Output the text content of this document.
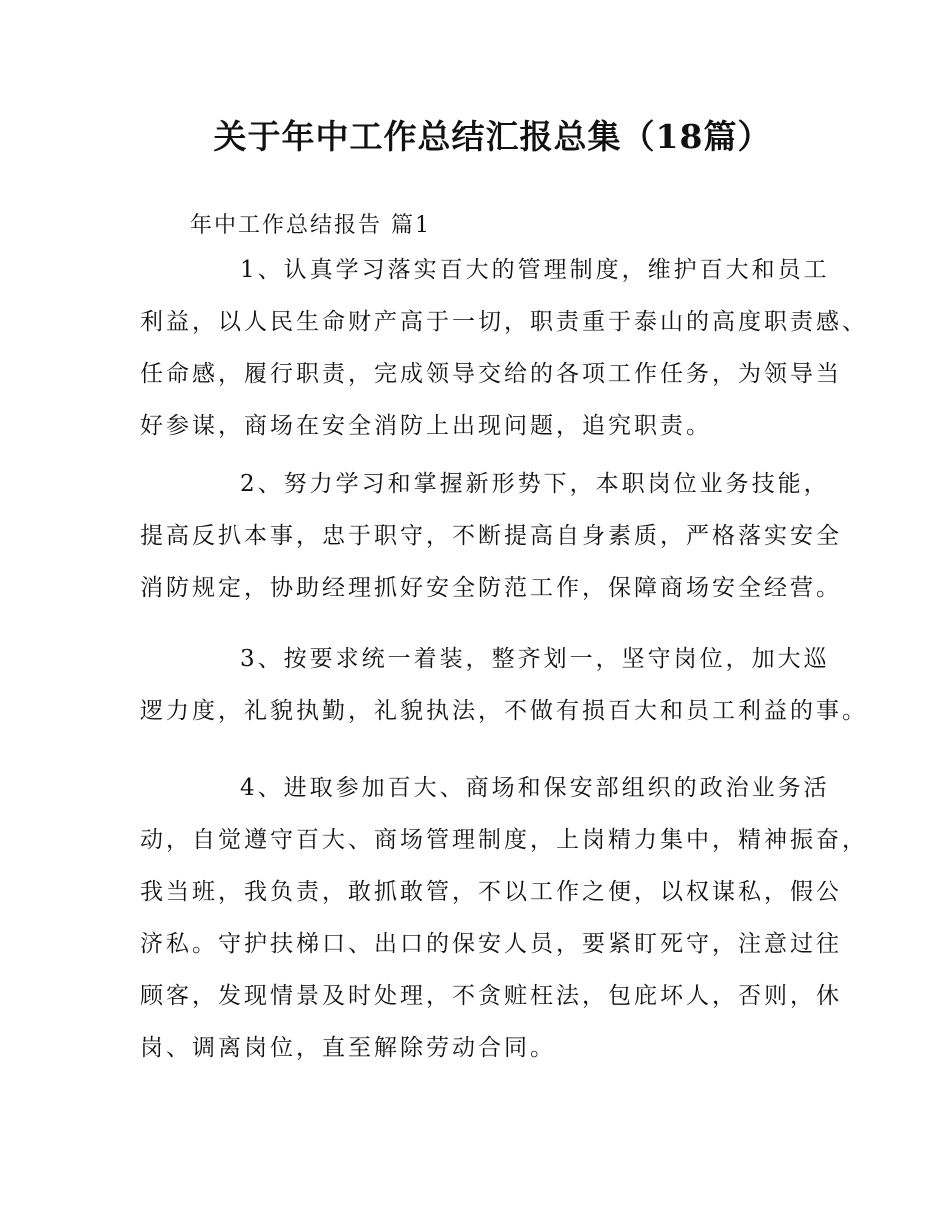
关于年中工作总结汇报总集（18篇）
年中工作总结报告 篇1
1、认真学习落实百大的管理制度，维护百大和员工
利益，以人民生命财产高于一切，职责重于泰山的高度职责感、
任命感，履行职责，完成领导交给的各项工作任务，为领导当
好参谋，商场在安全消防上出现问题，追究职责。
2、努力学习和掌握新形势下，本职岗位业务技能，
提高反扒本事，忠于职守，不断提高自身素质，严格落实安全
消防规定，协助经理抓好安全防范工作，保障商场安全经营。
3、按要求统一着装，整齐划一，坚守岗位，加大巡
逻力度，礼貌执勤，礼貌执法，不做有损百大和员工利益的事。
4、进取参加百大、商场和保安部组织的政治业务活
动，自觉遵守百大、商场管理制度，上岗精力集中，精神振奋，
我当班，我负责，敢抓敢管，不以工作之便，以权谋私，假公
济私。守护扶梯口、出口的保安人员，要紧盯死守，注意过往
顾客，发现情景及时处理，不贪赃枉法，包庇坏人，否则，休
岗、调离岗位，直至解除劳动合同。
